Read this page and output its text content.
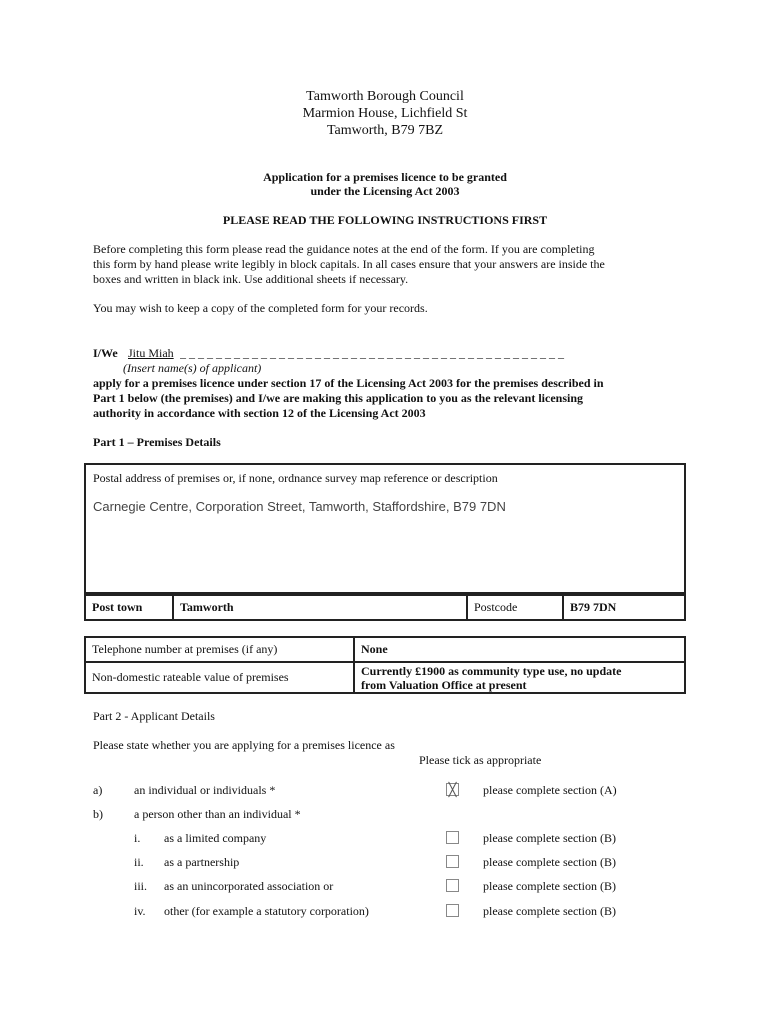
Tamworth Borough Council
Marmion House, Lichfield St
Tamworth, B79 7BZ
Application for a premises licence to be granted
under the Licensing Act 2003
PLEASE READ THE FOLLOWING INSTRUCTIONS FIRST
Before completing this form please read the guidance notes at the end of the form. If you are completing
this form by hand please write legibly in block capitals. In all cases ensure that your answers are inside the
boxes and written in black ink. Use additional sheets if necessary.
You may wish to keep a copy of the completed form for your records.
I/We Jitu Miah _ _ _ _ _ _ _ _ _ _ _ _ _ _ _ _ _ _ _ _ _ _ _ _ _ _ _ _ _ _ _ _ _ _ _ _ _ _ _ _ _ _ _
(Insert name(s) of applicant)
apply for a premises licence under section 17 of the Licensing Act 2003 for the premises described in
Part 1 below (the premises) and I/we are making this application to you as the relevant licensing
authority in accordance with section 12 of the Licensing Act 2003
Part 1 – Premises Details
Postal address of premises or, if none, ordnance survey map reference or description
Carnegie Centre, Corporation Street, Tamworth, Staffordshire, B79 7DN
Post town	Tamworth	Postcode	B79 7DN
Telephone number at premises (if any)	None
Non-domestic rateable value of premises	Currently £1900 as community type use, no update
from Valuation Office at present
Part 2 - Applicant Details
Please state whether you are applying for a premises licence as
Please tick as appropriate
a)	an individual or individuals *	╳ please complete section (A)
b)	a person other than an individual *
i. as a limited company	please complete section (B)
ii. as a partnership	please complete section (B)
iii. as an unincorporated association or	please complete section (B)
iv. other (for example a statutory corporation)	please complete section (B)
